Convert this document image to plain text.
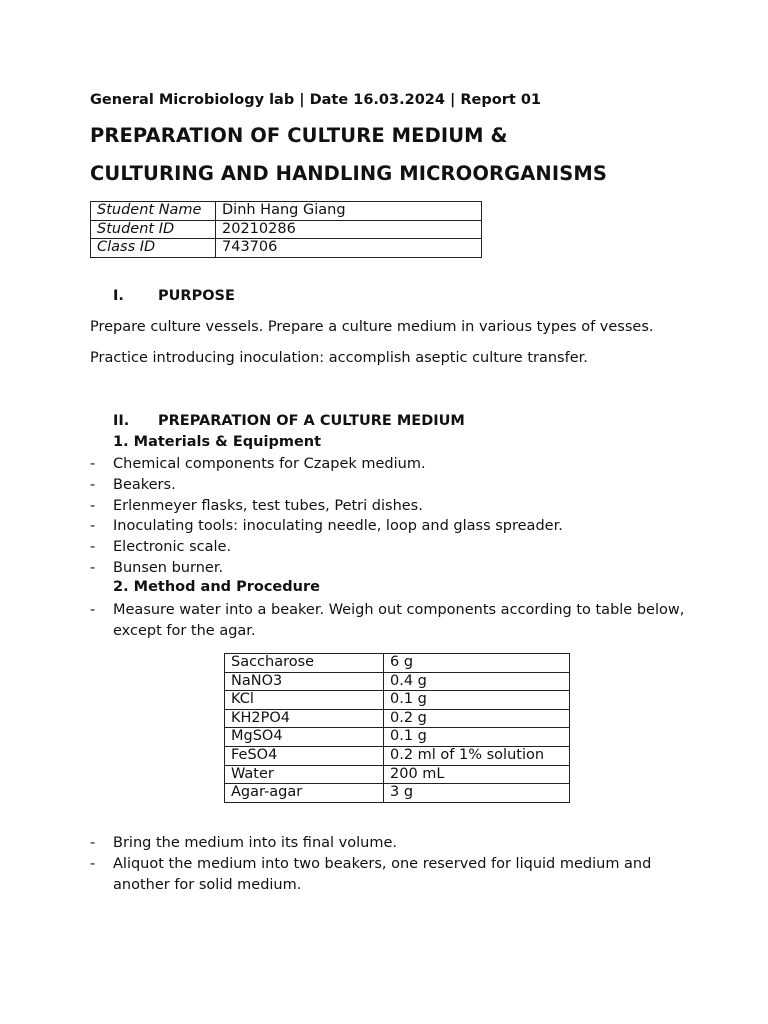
General Microbiology lab | Date 16.03.2024 | Report 01
PREPARATION OF CULTURE MEDIUM &
CULTURING AND HANDLING MICROORGANISMS
Student Name	Dinh Hang Giang
Student ID	20210286
Class ID	743706
I. PURPOSE
Prepare culture vessels. Prepare a culture medium in various types of vesses.
Practice introducing inoculation: accomplish aseptic culture transfer.
II. PREPARATION OF A CULTURE MEDIUM
1. Materials & Equipment
- Chemical components for Czapek medium.
- Beakers.
- Erlenmeyer flasks, test tubes, Petri dishes.
- Inoculating tools: inoculating needle, loop and glass spreader.
- Electronic scale.
- Bunsen burner.
2. Method and Procedure
- Measure water into a beaker. Weigh out components according to table below, except for the agar.
Saccharose	6 g
NaNO3	0.4 g
KCl	0.1 g
KH2PO4	0.2 g
MgSO4	0.1 g
FeSO4	0.2 ml of 1% solution
Water	200 mL
Agar-agar	3 g
- Bring the medium into its final volume.
- Aliquot the medium into two beakers, one reserved for liquid medium and another for solid medium.
